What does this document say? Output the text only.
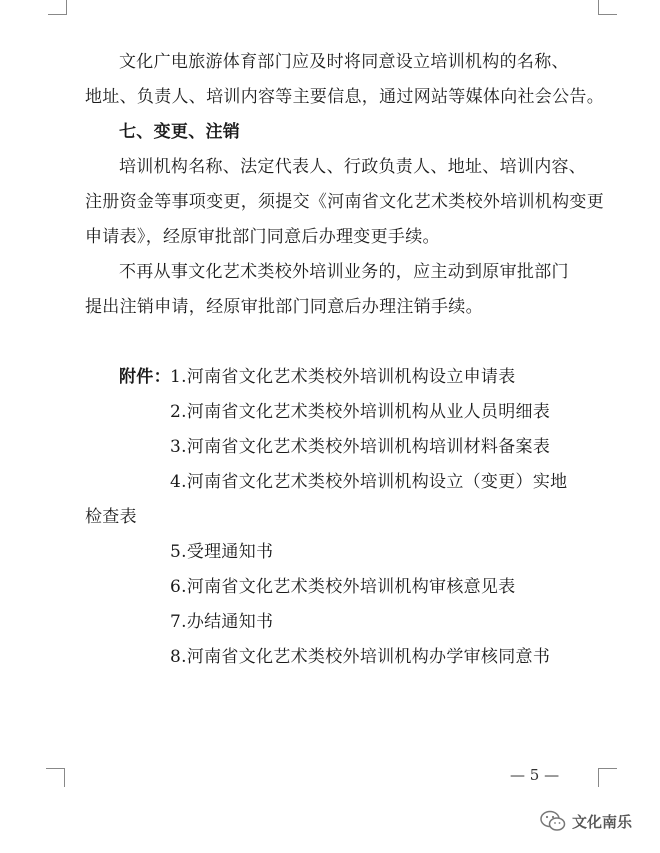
文化广电旅游体育部门应及时将同意设立培训机构的名称、
地址、负责人、培训内容等主要信息，通过网站等媒体向社会公告。
七、变更、注销
培训机构名称、法定代表人、行政负责人、地址、培训内容、
注册资金等事项变更，须提交《河南省文化艺术类校外培训机构变更
申请表》，经原审批部门同意后办理变更手续。
不再从事文化艺术类校外培训业务的，应主动到原审批部门
提出注销申请，经原审批部门同意后办理注销手续。
附件： 1.河南省文化艺术类校外培训机构设立申请表
2.河南省文化艺术类校外培训机构从业人员明细表
3.河南省文化艺术类校外培训机构培训材料备案表
4.河南省文化艺术类校外培训机构设立（变更）实地
检查表
5.受理通知书
6.河南省文化艺术类校外培训机构审核意见表
7.办结通知书
8.河南省文化艺术类校外培训机构办学审核同意书
— 5 —
文化南乐
